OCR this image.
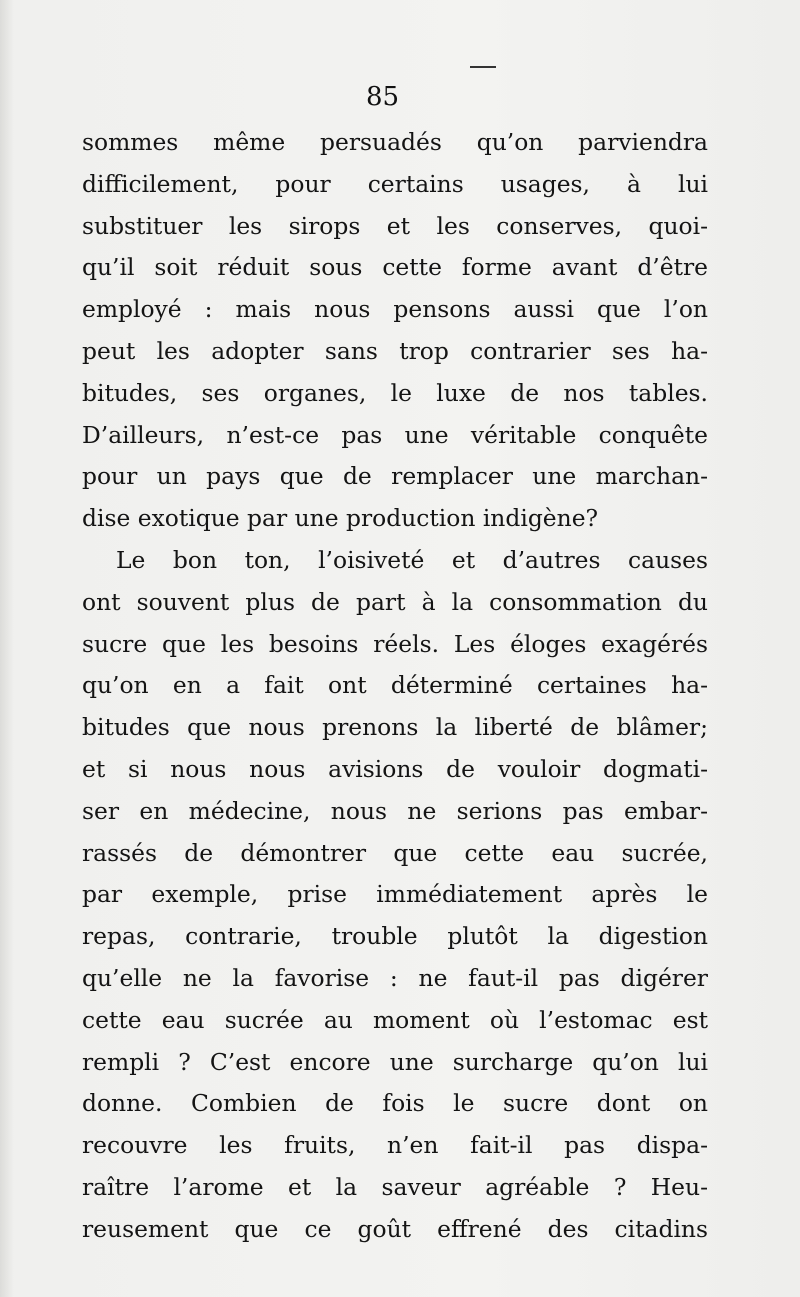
85

sommes même persuadés qu’on parviendra
difficilement, pour certains usages, à lui
substituer les sirops et les conserves, quoi-
qu’il soit réduit sous cette forme avant d’être
employé : mais nous pensons aussi que l’on
peut les adopter sans trop contrarier ses ha-
bitudes, ses organes, le luxe de nos tables.
D’ailleurs, n’est-ce pas une véritable conquête
pour un pays que de remplacer une marchan-
dise exotique par une production indigène?
Le bon ton, l’oisiveté et d’autres causes
ont souvent plus de part à la consommation du
sucre que les besoins réels. Les éloges exagérés
qu’on en a fait ont déterminé certaines ha-
bitudes que nous prenons la liberté de blâmer;
et si nous nous avisions de vouloir dogmati-
ser en médecine, nous ne serions pas embar-
rassés de démontrer que cette eau sucrée,
par exemple, prise immédiatement après le
repas, contrarie, trouble plutôt la digestion
qu’elle ne la favorise : ne faut-il pas digérer
cette eau sucrée au moment où l’estomac est
rempli ? C’est encore une surcharge qu’on lui
donne. Combien de fois le sucre dont on
recouvre les fruits, n’en fait-il pas dispa-
raître l’arome et la saveur agréable ? Heu-
reusement que ce goût effrené des citadins
